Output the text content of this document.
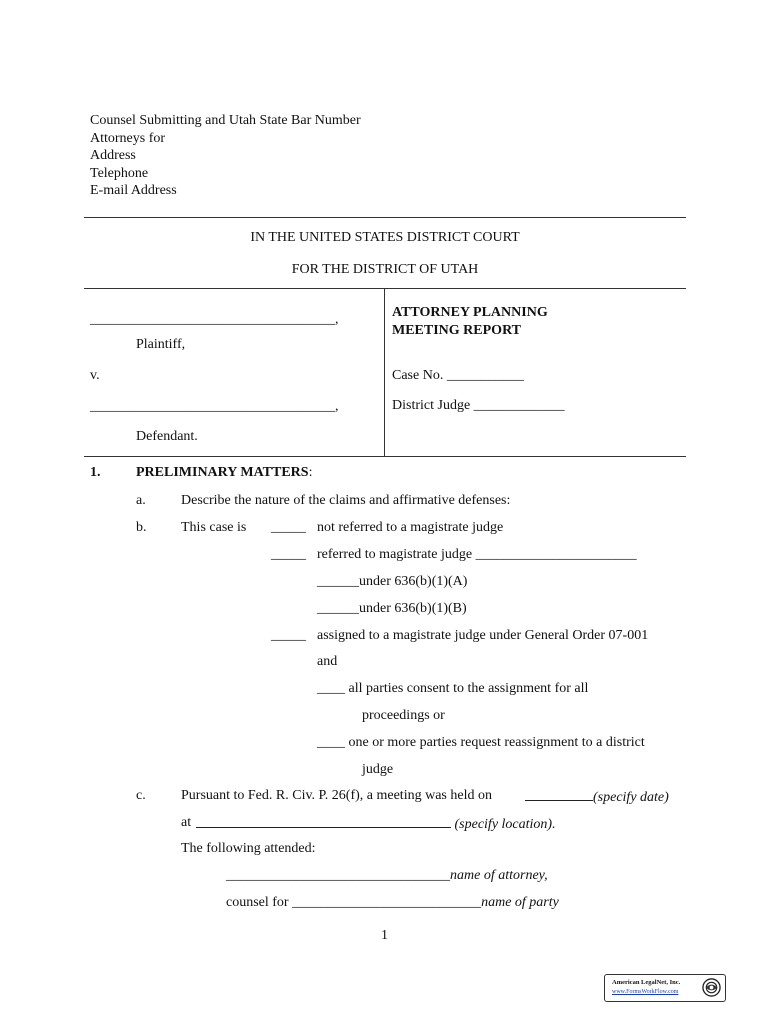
Counsel Submitting and Utah State Bar Number
Attorneys for
Address
Telephone
E-mail Address
IN THE UNITED STATES DISTRICT COURT
FOR THE DISTRICT OF UTAH
___________________________________,
Plaintiff,
v.
___________________________________,
Defendant.
ATTORNEY PLANNING
MEETING REPORT
Case No. ___________
District Judge _____________
1.	PRELIMINARY MATTERS:
a.	Describe the nature of the claims and affirmative defenses:
b. This case is _____ not referred to a magistrate judge
_____ referred to magistrate judge _______________________
______under 636(b)(1)(A)
______under 636(b)(1)(B)
_____ assigned to a magistrate judge under General Order 07-001
and
____ all parties consent to the assignment for all
proceedings or
____ one or more parties request reassignment to a district
judge
c.	Pursuant to Fed. R. Civ. P. 26(f), a meeting was held on	(specify date)
at	(specify location).
The following attended:
________________________________name of attorney,
counsel for ___________________________name of party
1
American LegalNet, Inc.
www.FormsWorkFlow.com
